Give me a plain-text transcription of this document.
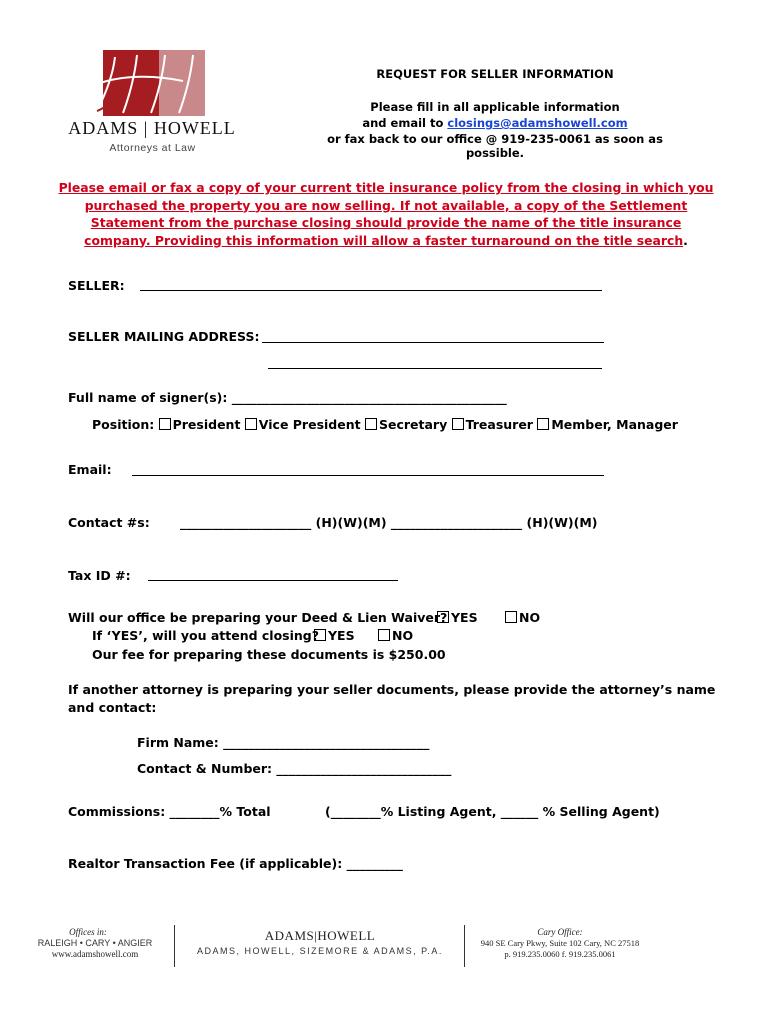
ADAMS | HOWELL
Attorneys at Law
REQUEST FOR SELLER INFORMATION
Please fill in all applicable information
and email to closings@adamshowell.com
or fax back to our office @ 919-235-0061 as soon as possible.
Please email or fax a copy of your current title insurance policy from the closing in which you purchased the property you are now selling. If not available, a copy of the Settlement Statement from the purchase closing should provide the name of the title insurance company. Providing this information will allow a faster turnaround on the title search.
SELLER:
SELLER MAILING ADDRESS:
Full name of signer(s): ____________________________________________
Position: President Vice President Secretary Treasurer Member, Manager
Email:
Contact #s: _____________________ (H)(W)(M) _____________________ (H)(W)(M)
Tax ID #:
Will our office be preparing your Deed & Lien Waiver? YES	NO
If ‘YES’, will you attend closing? YES	NO
Our fee for preparing these documents is $250.00
If another attorney is preparing your seller documents, please provide the attorney’s name and contact:
Firm Name: _________________________________
Contact & Number: ____________________________
Commissions: ________% Total	(________% Listing Agent, ______ % Selling Agent)
Realtor Transaction Fee (if applicable): _________
Offices in:
RALEIGH • CARY • ANGIER
www.adamshowell.com
ADAMS|HOWELL
ADAMS, HOWELL, SIZEMORE & ADAMS, P.A.
Cary Office:
940 SE Cary Pkwy, Suite 102 Cary, NC 27518
p. 919.235.0060 f. 919.235.0061
